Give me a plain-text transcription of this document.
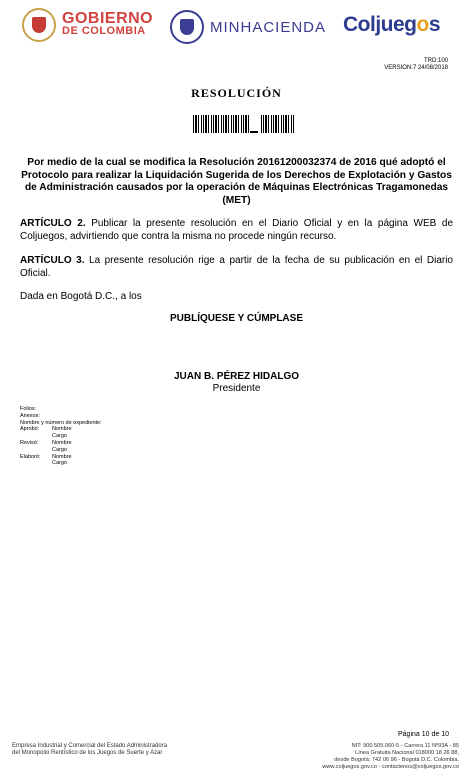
GOBIERNO
DE COLOMBIA	MINHACIENDA Coljuegos
TRD:100
VERSION:7 24/08/2018
RESOLUCIÓN
Por medio de la cual se modifica la Resolución 20161200032374 de 2016 qué adoptó el Protocolo para realizar la Liquidación Sugerida de los Derechos de Explotación y Gastos de Administración causados por la operación de Máquinas Electrónicas Tragamonedas (MET)
ARTÍCULO 2. Publicar la presente resolución en el Diario Oficial y en la página WEB de Coljuegos, advirtiendo que contra la misma no procede ningún recurso.
ARTÍCULO 3. La presente resolución rige a partir de la fecha de su publicación en el Diario Oficial.
Dada en Bogotá D.C., a los
PUBLÍQUESE Y CÚMPLASE
JUAN B. PÉREZ HIDALGO
Presidente
Folios:
Anexos:
Nombre y número de expediente:
Aprobó:	Nombre
Cargo
Revisó:	Nombre
Cargo
Elaboró:	Nombre
Cargo
Página 10 de 10
Empresa Industrial y Comercial del Estado Administradora
del Monopolio Rentístico de los Juegos de Suerte y Azar
NIT: 900.505.060-5 - Carrera 11 Nº93A - 85
Línea Gratuita Nacional 018000 18 26 88,
desde Bogotá: 742 06 96 - Bogotá D.C. Colombia.
www.coljuegos.gov.co - contactenos@coljuegos.gov.co
